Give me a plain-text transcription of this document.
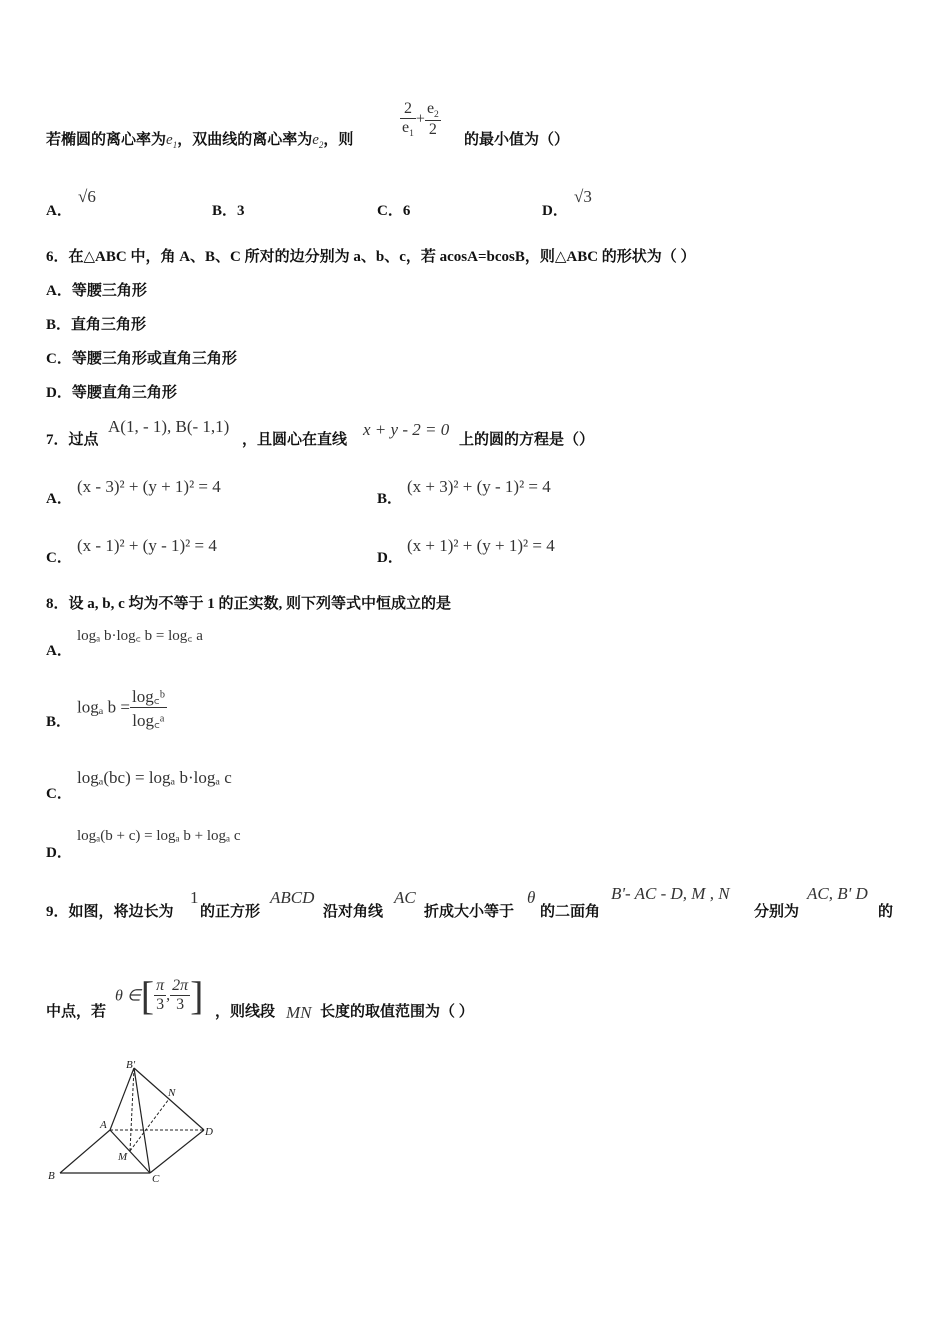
若椭圆的离心率为$e_1$，双曲线的离心率为$e_2$，则
$\frac{2}{e_1} + \frac{e_2}{2}$
的最小值为（）
A．
√6
B．3	C．6	D．
√3
6．在△ABC 中，角 A、B、C 所对的边分别为 a、b、c，若 acosA=bcosB，则△ABC 的形状为（ ）
A．等腰三角形
B．直角三角形
C．等腰三角形或直角三角形
D．等腰直角三角形
7．过点
A(1, - 1), B(- 1,1)
，且圆心在直线
x + y - 2 = 0
上的圆的方程是（）
A．
(x - 3)² + (y + 1)² = 4
B．
(x + 3)² + (y - 1)² = 4
C．
(x - 1)² + (y - 1)² = 4
D．
(x + 1)² + (y + 1)² = 4
8．设 a, b, c 均为不等于 1 的正实数, 则下列等式中恒成立的是
A．
logₐ b·log꜀ b = log꜀ a
B．
logₐ $b = \frac{\text{log꜀ᵇ}}{\text{log꜀ᵃ}}$
C．
logₐ(bc) = logₐ b·logₐ c
D．
logₐ(b + c) = logₐ b + logₐ c
9．如图，将边长为
1
的正方形
ABCD
沿对角线
AC
折成大小等于
θ
的二面角
B'- AC - D, M , N
分别为
AC, B' D
的
中点，若
θ ∈[ $\frac{\pi}{3}$ , $\frac{2\pi}{3}$ ] ，则线段 MN 长度的取值范围为（ ）
B'
N
A
D
M
B	C
